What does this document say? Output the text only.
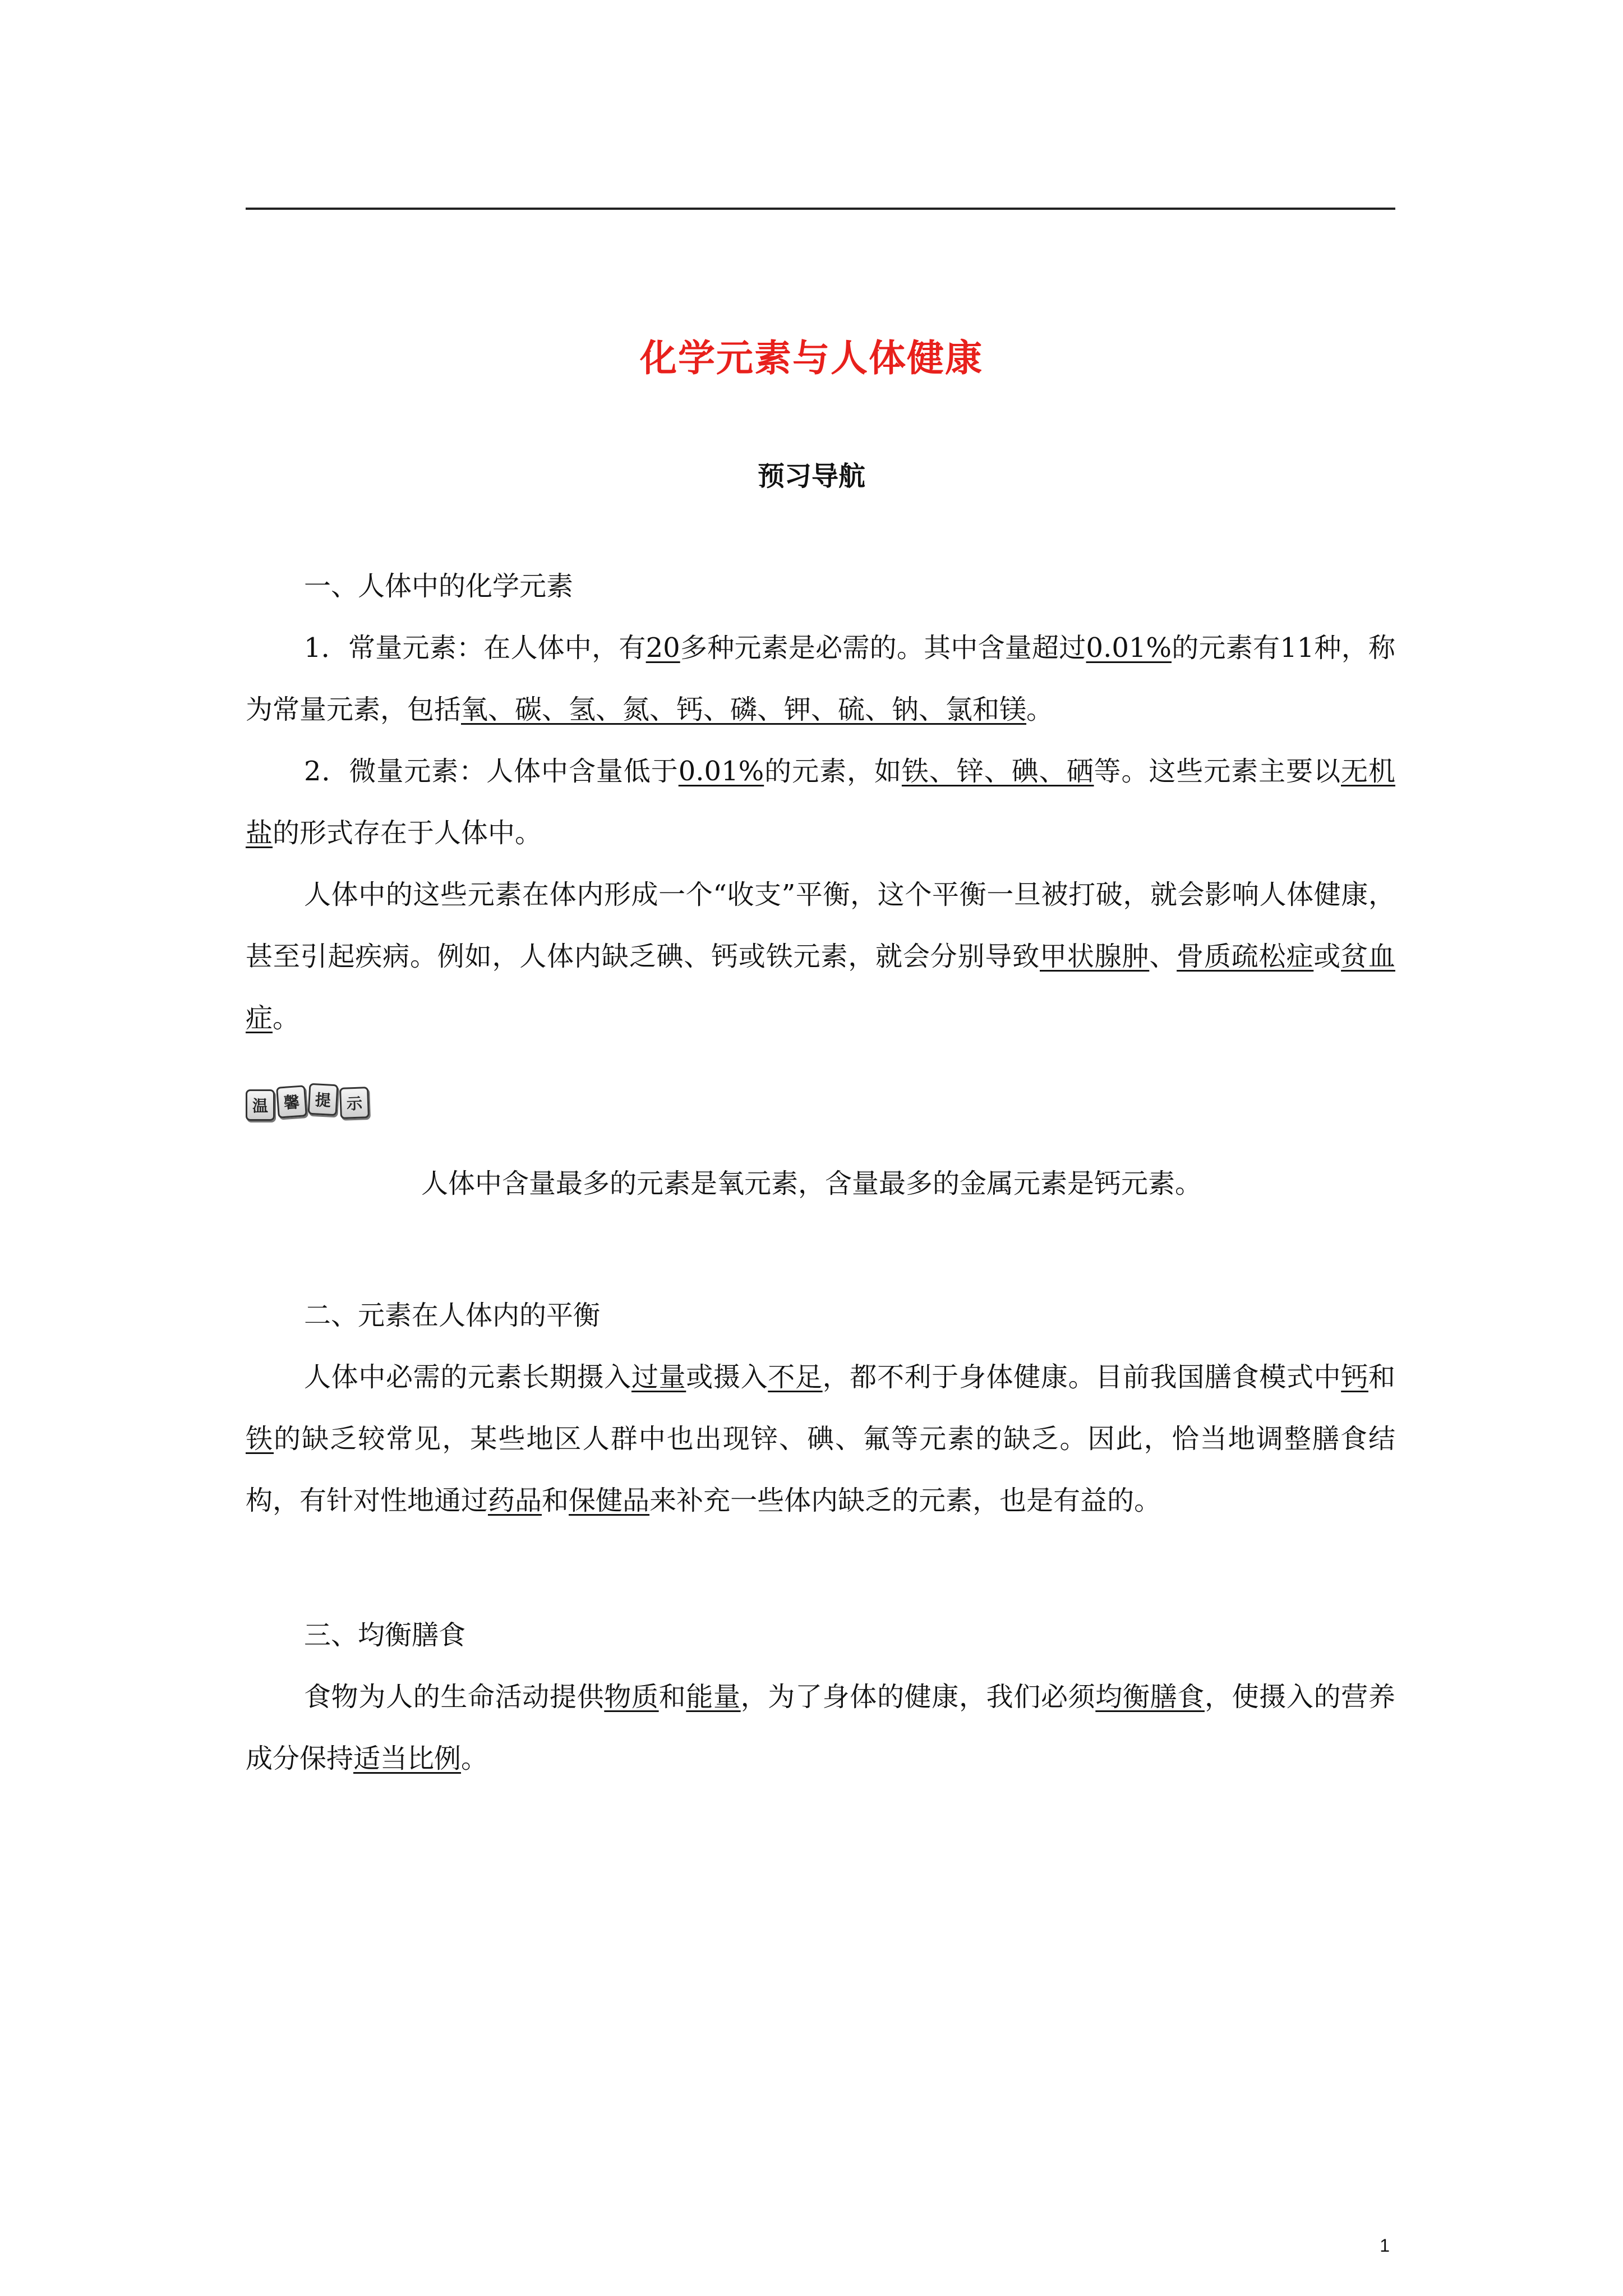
化学元素与人体健康
预习导航
一、人体中的化学元素

1．常量元素：在人体中，有20多种元素是必需的。其中含量超过0.01%的元素有11种，称为常量元素，包括氧、碳、氢、氮、钙、磷、钾、硫、钠、氯和镁。

2．微量元素：人体中含量低于0.01%的元素，如铁、锌、碘、硒等。这些元素主要以无机盐的形式存在于人体中。

人体中的这些元素在体内形成一个“收支”平衡，这个平衡一旦被打破，就会影响人体健康，甚至引起疾病。例如，人体内缺乏碘、钙或铁元素，就会分别导致甲状腺肿、骨质疏松症或贫血症。

温 馨 提 示
人体中含量最多的元素是氧元素，含量最多的金属元素是钙元素。
二、元素在人体内的平衡

人体中必需的元素长期摄入过量或摄入不足，都不利于身体健康。目前我国膳食模式中钙和铁的缺乏较常见，某些地区人群中也出现锌、碘、氟等元素的缺乏。因此，恰当地调整膳食结构，有针对性地通过药品和保健品来补充一些体内缺乏的元素，也是有益的。

三、均衡膳食

食物为人的生命活动提供物质和能量，为了身体的健康，我们必须均衡膳食，使摄入的营养成分保持适当比例。

1
